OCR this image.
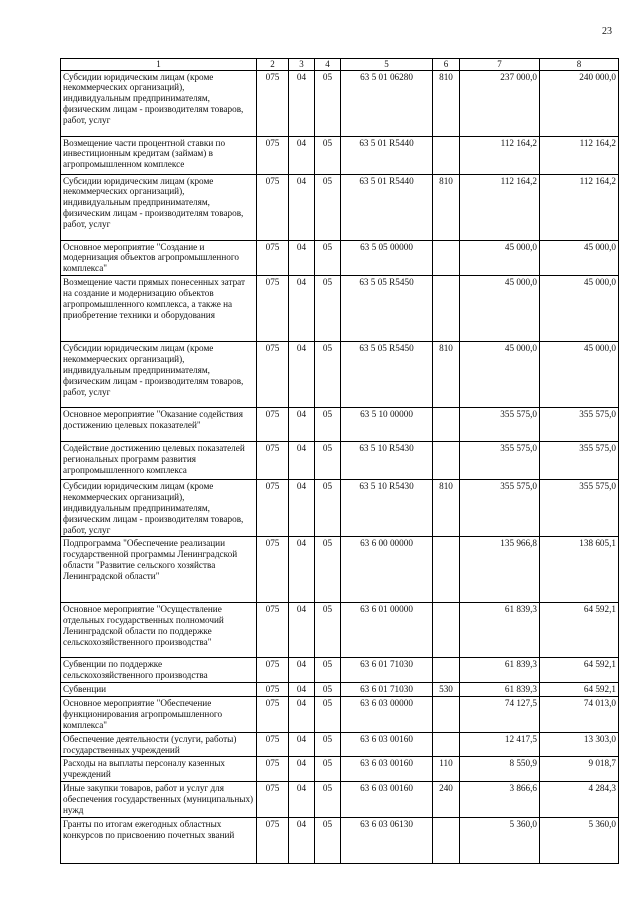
23
1	2	3	4	5	6	7	8
Субсидии юридическим лицам (кроме некоммерческих организаций), индивидуальным предпринимателям, физическим лицам - производителям товаров, работ, услуг	075	04	05	63 5 01 06280	810	237 000,0	240 000,0
Возмещение части процентной ставки по инвестиционным кредитам (займам) в агропромышленном комплексе	075	04	05	63 5 01 R5440		112 164,2	112 164,2
Субсидии юридическим лицам (кроме некоммерческих организаций), индивидуальным предпринимателям, физическим лицам - производителям товаров, работ, услуг	075	04	05	63 5 01 R5440	810	112 164,2	112 164,2
Основное мероприятие "Создание и модернизация объектов агропромышленного комплекса"	075	04	05	63 5 05 00000		45 000,0	45 000,0
Возмещение части прямых понесенных затрат на создание и модернизацию объектов агропромышленного комплекса, а также на приобретение техники и оборудования	075	04	05	63 5 05 R5450		45 000,0	45 000,0
Субсидии юридическим лицам (кроме некоммерческих организаций), индивидуальным предпринимателям, физическим лицам - производителям товаров, работ, услуг	075	04	05	63 5 05 R5450	810	45 000,0	45 000,0
Основное мероприятие "Оказание содействия достижению целевых показателей"	075	04	05	63 5 10 00000		355 575,0	355 575,0
Содействие достижению целевых показателей региональных программ развития агропромышленного комплекса	075	04	05	63 5 10 R5430		355 575,0	355 575,0
Субсидии юридическим лицам (кроме некоммерческих организаций), индивидуальным предпринимателям, физическим лицам - производителям товаров, работ, услуг	075	04	05	63 5 10 R5430	810	355 575,0	355 575,0
Подпрограмма "Обеспечение реализации государственной программы Ленинградской области "Развитие сельского хозяйства Ленинградской области"	075	04	05	63 6 00 00000		135 966,8	138 605,1
Основное мероприятие "Осуществление отдельных государственных полномочий Ленинградской области по поддержке сельскохозяйственного производства"	075	04	05	63 6 01 00000		61 839,3	64 592,1
Субвенции по поддержке сельскохозяйственного производства	075	04	05	63 6 01 71030		61 839,3	64 592,1
Субвенции	075	04	05	63 6 01 71030	530	61 839,3	64 592,1
Основное мероприятие "Обеспечение функционирования агропромышленного комплекса"	075	04	05	63 6 03 00000		74 127,5	74 013,0
Обеспечение деятельности (услуги, работы) государственных учреждений	075	04	05	63 6 03 00160		12 417,5	13 303,0
Расходы на выплаты персоналу казенных учреждений	075	04	05	63 6 03 00160	110	8 550,9	9 018,7
Иные закупки товаров, работ и услуг для обеспечения государственных (муниципальных) нужд	075	04	05	63 6 03 00160	240	3 866,6	4 284,3
Гранты по итогам ежегодных областных конкурсов по присвоению почетных званий	075	04	05	63 6 03 06130		5 360,0	5 360,0
